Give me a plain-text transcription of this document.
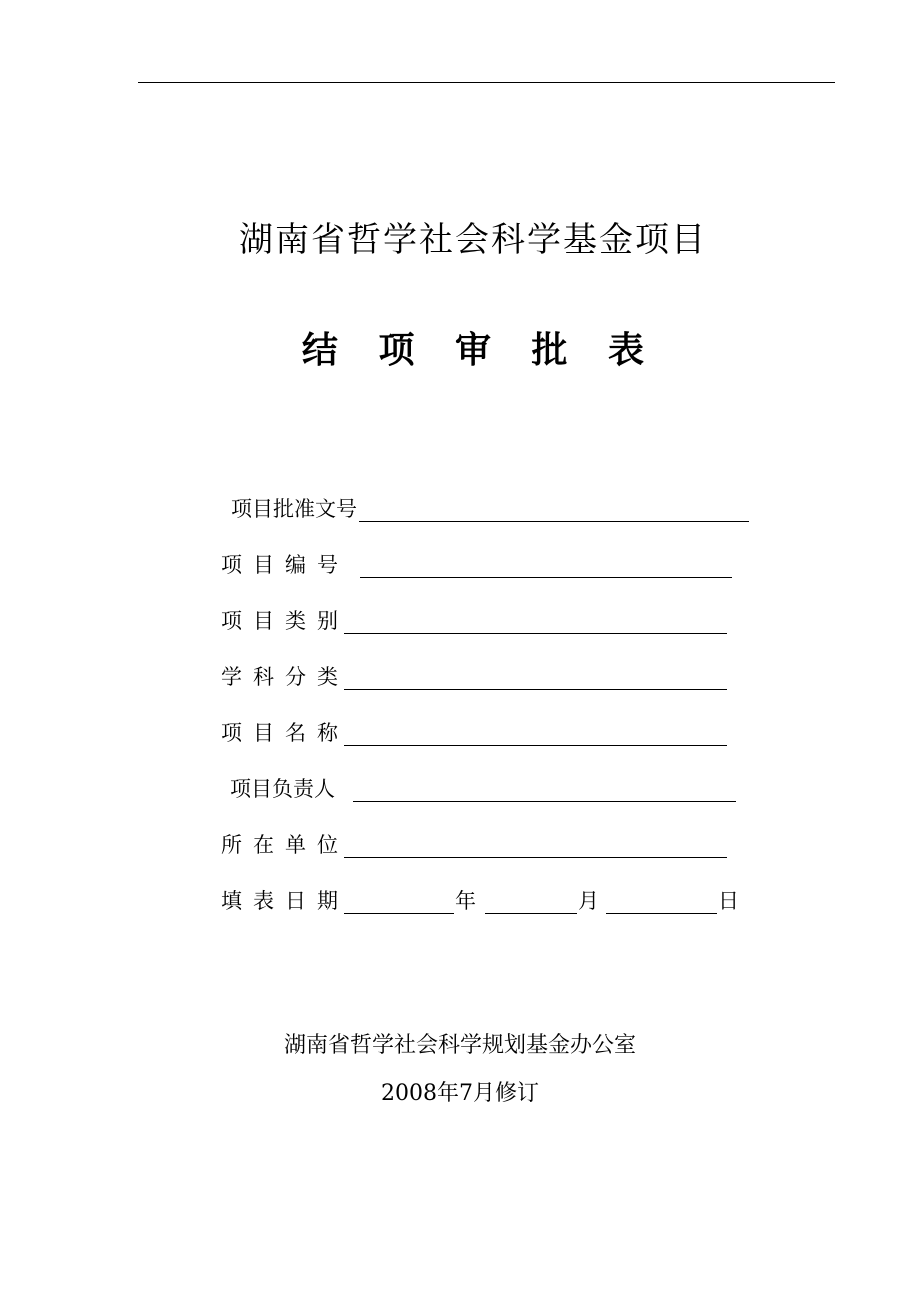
湖南省哲学社会科学基金项目
结 项 审 批 表
项目批准文号
项目编号
项目类别
学科分类
项目名称
项目负责人
所在单位
填表日期	年	月	日
湖南省哲学社会科学规划基金办公室
2008年7月修订
